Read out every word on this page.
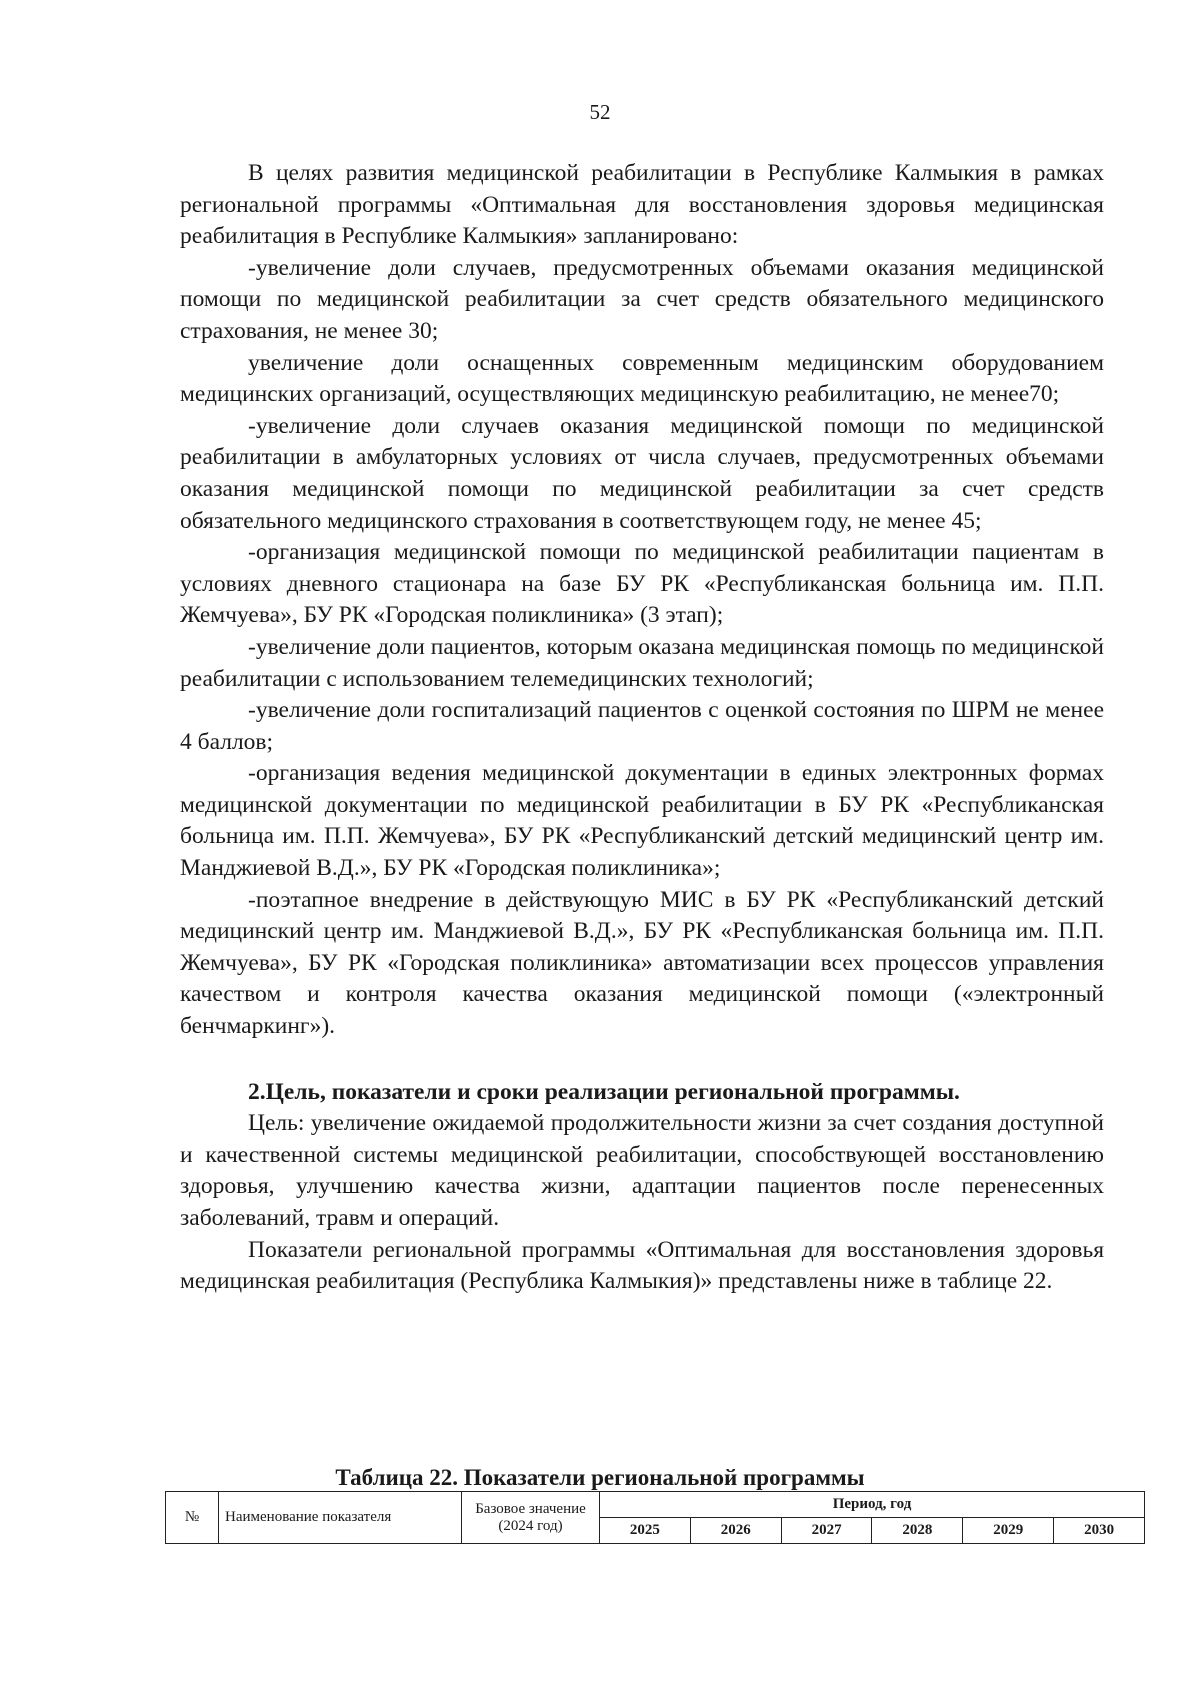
52

В целях развития медицинской реабилитации в Республике Калмыкия в рамках региональной программы «Оптимальная для восстановления здоровья медицинская реабилитация в Республике Калмыкия» запланировано:

-увеличение доли случаев, предусмотренных объемами оказания медицинской помощи по медицинской реабилитации за счет средств обязательного медицинского страхования, не менее 30;

увеличение доли оснащенных современным медицинским оборудованием медицинских организаций, осуществляющих медицинскую реабилитацию, не менее70;

-увеличение доли случаев оказания медицинской помощи по медицинской реабилитации в амбулаторных условиях от числа случаев, предусмотренных объемами оказания медицинской помощи по медицинской реабилитации за счет средств обязательного медицинского страхования в соответствующем году, не менее 45;

-организация медицинской помощи по медицинской реабилитации пациентам в условиях дневного стационара на базе БУ РК «Республиканская больница им. П.П. Жемчуева», БУ РК «Городская поликлиника» (3 этап);

-увеличение доли пациентов, которым оказана медицинская помощь по медицинской реабилитации с использованием телемедицинских технологий;

-увеличение доли госпитализаций пациентов с оценкой состояния по ШРМ не менее 4 баллов;

-организация ведения медицинской документации в единых электронных формах медицинской документации по медицинской реабилитации в БУ РК «Республиканская больница им. П.П. Жемчуева», БУ РК «Республиканский детский медицинский центр им. Манджиевой В.Д.», БУ РК «Городская поликлиника»;

-поэтапное внедрение в действующую МИС в БУ РК «Республиканский детский медицинский центр им. Манджиевой В.Д.», БУ РК «Республиканская больница им. П.П. Жемчуева», БУ РК «Городская поликлиника» автоматизации всех процессов управления качеством и контроля качества оказания медицинской помощи («электронный бенчмаркинг»).

2.Цель, показатели и сроки реализации региональной программы.

Цель: увеличение ожидаемой продолжительности жизни за счет создания доступной и качественной системы медицинской реабилитации, способствующей восстановлению здоровья, улучшению качества жизни, адаптации пациентов после перенесенных заболеваний, травм и операций.

Показатели региональной программы «Оптимальная для восстановления здоровья медицинская реабилитация (Республика Калмыкия)» представлены ниже в таблице 22.

Таблица 22. Показатели региональной программы
№	Наименование показателя	Базовое значение (2024 год)	Период, год					
			2025	2026	2027	2028	2029	2030
